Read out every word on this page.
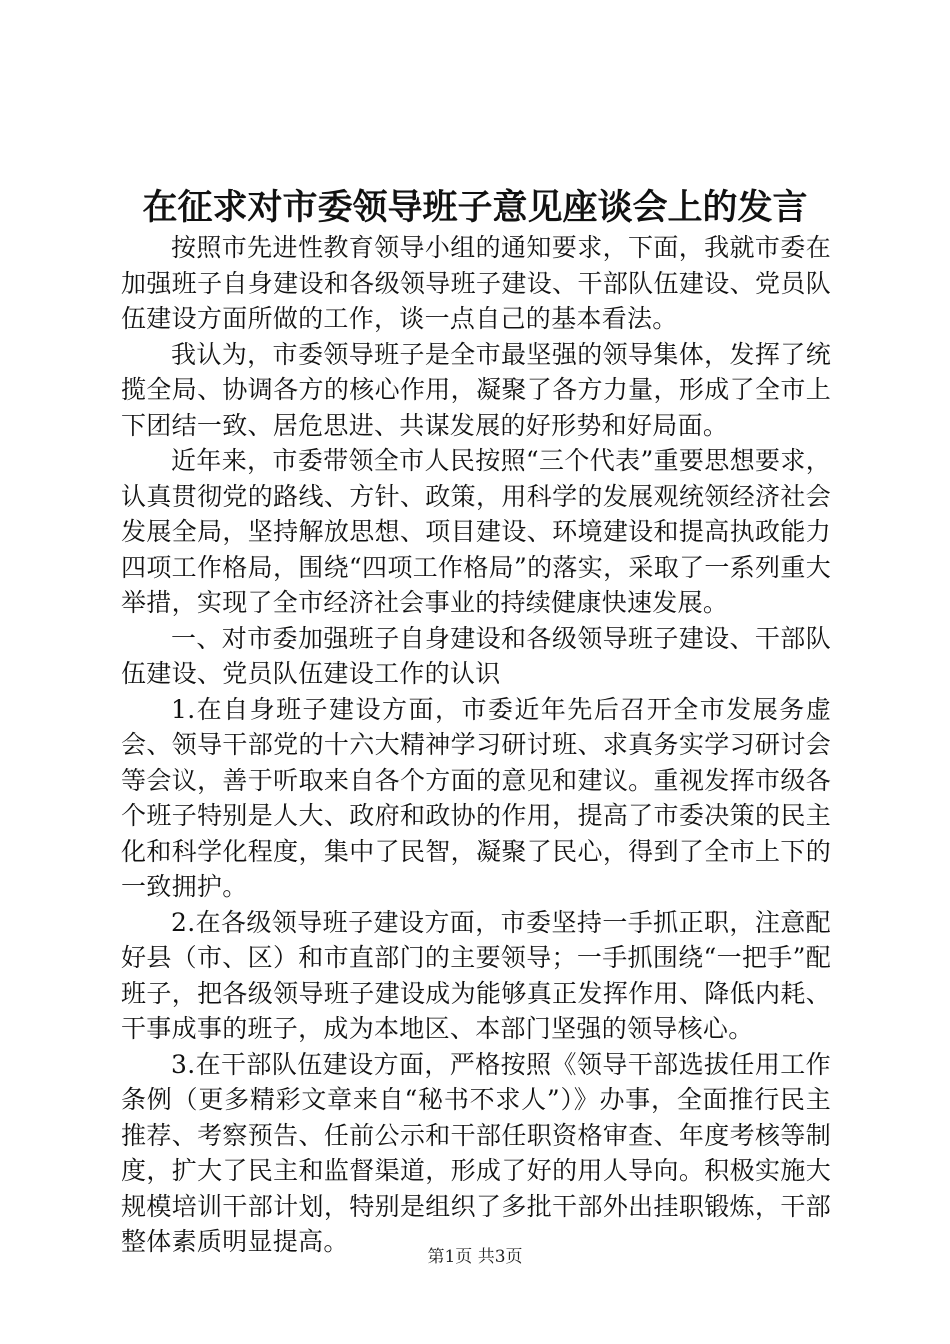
在征求对市委领导班子意见座谈会上的发言

按照市先进性教育领导小组的通知要求，下面，我就市委在加强班子自身建设和各级领导班子建设、干部队伍建设、党员队伍建设方面所做的工作，谈一点自己的基本看法。

我认为，市委领导班子是全市最坚强的领导集体，发挥了统揽全局、协调各方的核心作用，凝聚了各方力量，形成了全市上下团结一致、居危思进、共谋发展的好形势和好局面。

近年来，市委带领全市人民按照“三个代表”重要思想要求，认真贯彻党的路线、方针、政策，用科学的发展观统领经济社会发展全局，坚持解放思想、项目建设、环境建设和提高执政能力四项工作格局，围绕“四项工作格局”的落实，采取了一系列重大举措，实现了全市经济社会事业的持续健康快速发展。

一、对市委加强班子自身建设和各级领导班子建设、干部队伍建设、党员队伍建设工作的认识

1.在自身班子建设方面，市委近年先后召开全市发展务虚会、领导干部党的十六大精神学习研讨班、求真务实学习研讨会等会议，善于听取来自各个方面的意见和建议。重视发挥市级各个班子特别是人大、政府和政协的作用，提高了市委决策的民主化和科学化程度，集中了民智，凝聚了民心，得到了全市上下的一致拥护。

2.在各级领导班子建设方面，市委坚持一手抓正职，注意配好县（市、区）和市直部门的主要领导；一手抓围绕“一把手”配班子，把各级领导班子建设成为能够真正发挥作用、降低内耗、干事成事的班子，成为本地区、本部门坚强的领导核心。

3.在干部队伍建设方面，严格按照《领导干部选拔任用工作条例（更多精彩文章来自“秘书不求人”）》办事，全面推行民主推荐、考察预告、任前公示和干部任职资格审查、年度考核等制度，扩大了民主和监督渠道，形成了好的用人导向。积极实施大规模培训干部计划，特别是组织了多批干部外出挂职锻炼，干部整体素质明显提高。

第1页 共3页
